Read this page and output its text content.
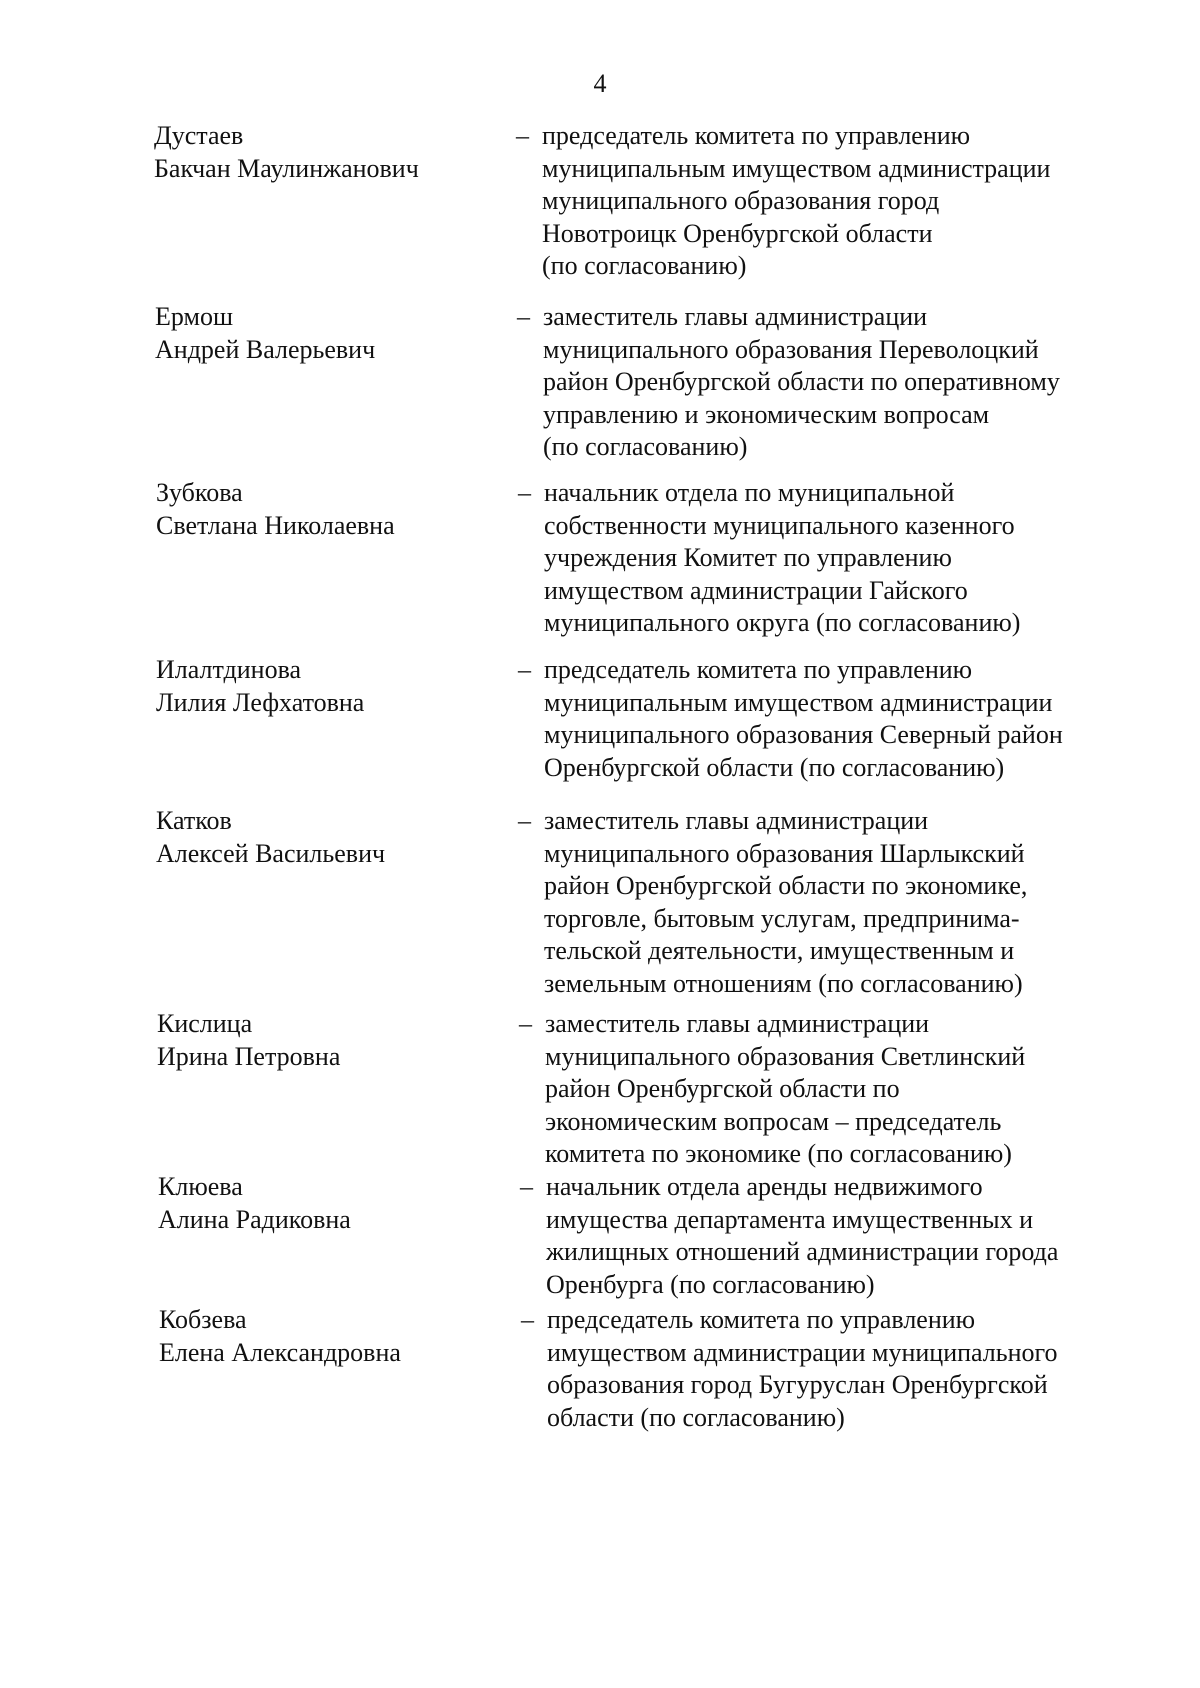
4
Дустаев
Бакчан Маулинжанович
– председатель комитета по управлению
муниципальным имуществом администрации
муниципального образования город
Новотроицк Оренбургской области
(по согласованию)
Ермош
Андрей Валерьевич
– заместитель главы администрации
муниципального образования Переволоцкий
район Оренбургской области по оперативному
управлению и экономическим вопросам
(по согласованию)
Зубкова
Светлана Николаевна
– начальник отдела по муниципальной
собственности муниципального казенного
учреждения Комитет по управлению
имуществом администрации Гайского
муниципального округа (по согласованию)
Илалтдинова
Лилия Лефхатовна
– председатель комитета по управлению
муниципальным имуществом администрации
муниципального образования Северный район
Оренбургской области (по согласованию)
Катков
Алексей Васильевич
– заместитель главы администрации
муниципального образования Шарлыкский
район Оренбургской области по экономике,
торговле, бытовым услугам, предпринима-
тельской деятельности, имущественным и
земельным отношениям (по согласованию)
Кислица
Ирина Петровна
– заместитель главы администрации
муниципального образования Светлинский
район Оренбургской области по
экономическим вопросам – председатель
комитета по экономике (по согласованию)
Клюева
Алина Радиковна
– начальник отдела аренды недвижимого
имущества департамента имущественных и
жилищных отношений администрации города
Оренбурга (по согласованию)
Кобзева
Елена Александровна
– председатель комитета по управлению
имуществом администрации муниципального
образования город Бугуруслан Оренбургской
области (по согласованию)
